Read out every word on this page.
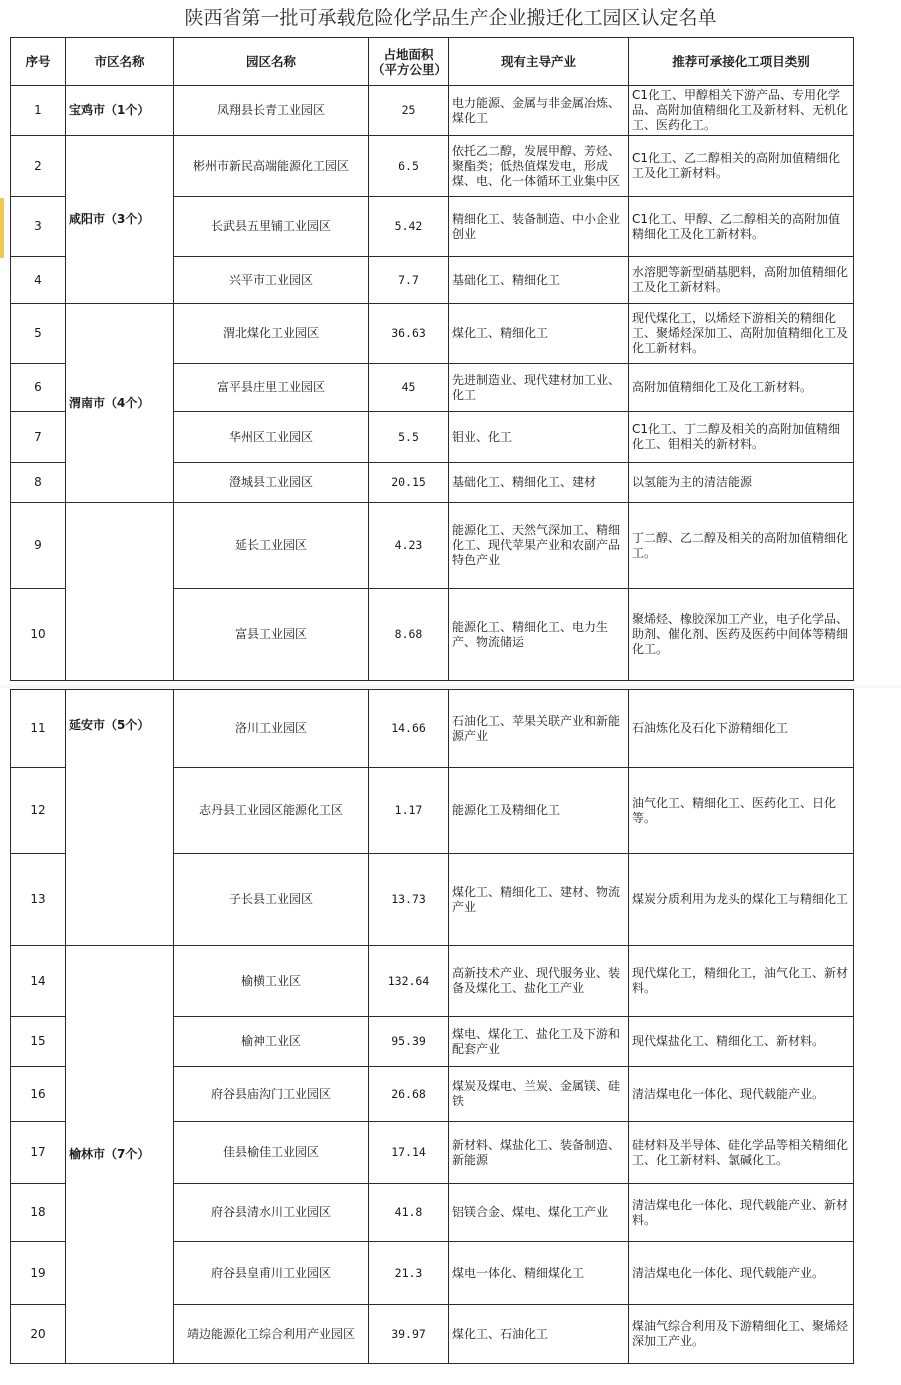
陕西省第一批可承载危险化学品生产企业搬迁化工园区认定名单
序号	市区名称	园区名称	占地面积（平方公里）	现有主导产业	推荐可承接化工项目类别
1	宝鸡市（1个）	凤翔县长青工业园区	25	电力能源、金属与非金属冶炼、煤化工	C1化工、甲醇相关下游产品、专用化学品、高附加值精细化工及新材料、无机化工、医药化工。
2	咸阳市（3个）	彬州市新民高端能源化工园区	6.5	依托乙二醇，发展甲醇、芳烃、聚酯类；低热值煤发电，形成煤、电、化一体循环工业集中区	C1化工、乙二醇相关的高附加值精细化工及化工新材料。
3		长武县五里铺工业园区	5.42	精细化工、装备制造、中小企业创业	C1化工、甲醇、乙二醇相关的高附加值精细化工及化工新材料。
4		兴平市工业园区	7.7	基础化工、精细化工	水溶肥等新型硝基肥料，高附加值精细化工及化工新材料。
5	渭南市（4个）	渭北煤化工业园区	36.63	煤化工、精细化工	现代煤化工，以烯烃下游相关的精细化工、聚烯烃深加工、高附加值精细化工及化工新材料。
6		富平县庄里工业园区	45	先进制造业、现代建材加工业、化工	高附加值精细化工及化工新材料。
7		华州区工业园区	5.5	钼业、化工	C1化工、丁二醇及相关的高附加值精细化工、钼相关的新材料。
8		澄城县工业园区	20.15	基础化工、精细化工、建材	以氢能为主的清洁能源
9		延长工业园区	4.23	能源化工、天然气深加工、精细化工、现代苹果产业和农副产品特色产业	丁二醇、乙二醇及相关的高附加值精细化工。
10		富县工业园区	8.68	能源化工、精细化工、电力生产、物流储运	聚烯烃、橡胶深加工产业，电子化学品、助剂、催化剂、医药及医药中间体等精细化工。
11	延安市（5个）	洛川工业园区	14.66	石油化工、苹果关联产业和新能源产业	石油炼化及石化下游精细化工
12		志丹县工业园区能源化工区	1.17	能源化工及精细化工	油气化工、精细化工、医药化工、日化等。
13		子长县工业园区	13.73	煤化工、精细化工、建材、物流产业	煤炭分质利用为龙头的煤化工与精细化工
14	榆林市（7个）	榆横工业区	132.64	高新技术产业、现代服务业、装备及煤化工、盐化工产业	现代煤化工，精细化工，油气化工、新材料。
15		榆神工业区	95.39	煤电、煤化工、盐化工及下游和配套产业	现代煤盐化工、精细化工、新材料。
16		府谷县庙沟门工业园区	26.68	煤炭及煤电、兰炭、金属镁、硅铁	清洁煤电化一体化、现代载能产业。
17		佳县榆佳工业园区	17.14	新材料、煤盐化工、装备制造、新能源	硅材料及半导体、硅化学品等相关精细化工、化工新材料、氯碱化工。
18		府谷县清水川工业园区	41.8	铝镁合金、煤电、煤化工产业	清洁煤电化一体化、现代载能产业、新材料。
19		府谷县皇甫川工业园区	21.3	煤电一体化、精细煤化工	清洁煤电化一体化、现代载能产业。
20		靖边能源化工综合利用产业园区	39.97	煤化工、石油化工	煤油气综合利用及下游精细化工、聚烯烃深加工产业。
